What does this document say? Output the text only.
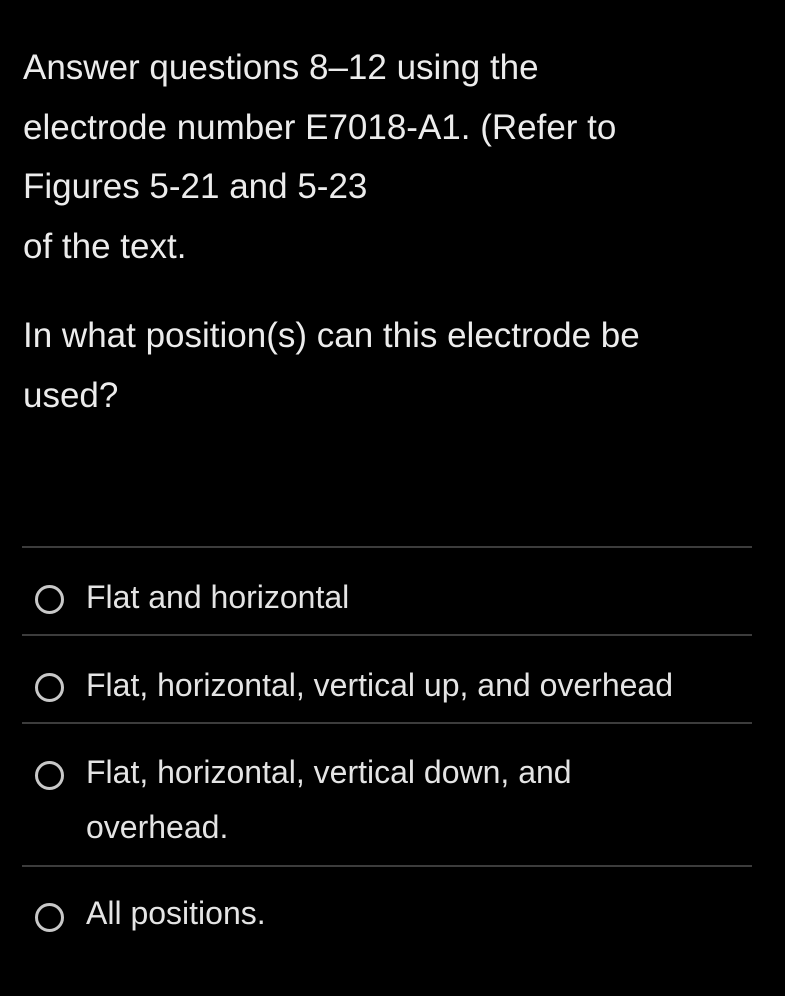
Answer questions 8–12 using the
electrode number E7018-A1. (Refer to
Figures 5-21 and 5-23
of the text.
In what position(s) can this electrode be
used?
Flat and horizontal
Flat, horizontal, vertical up, and overhead
Flat, horizontal, vertical down, and
overhead.
All positions.
